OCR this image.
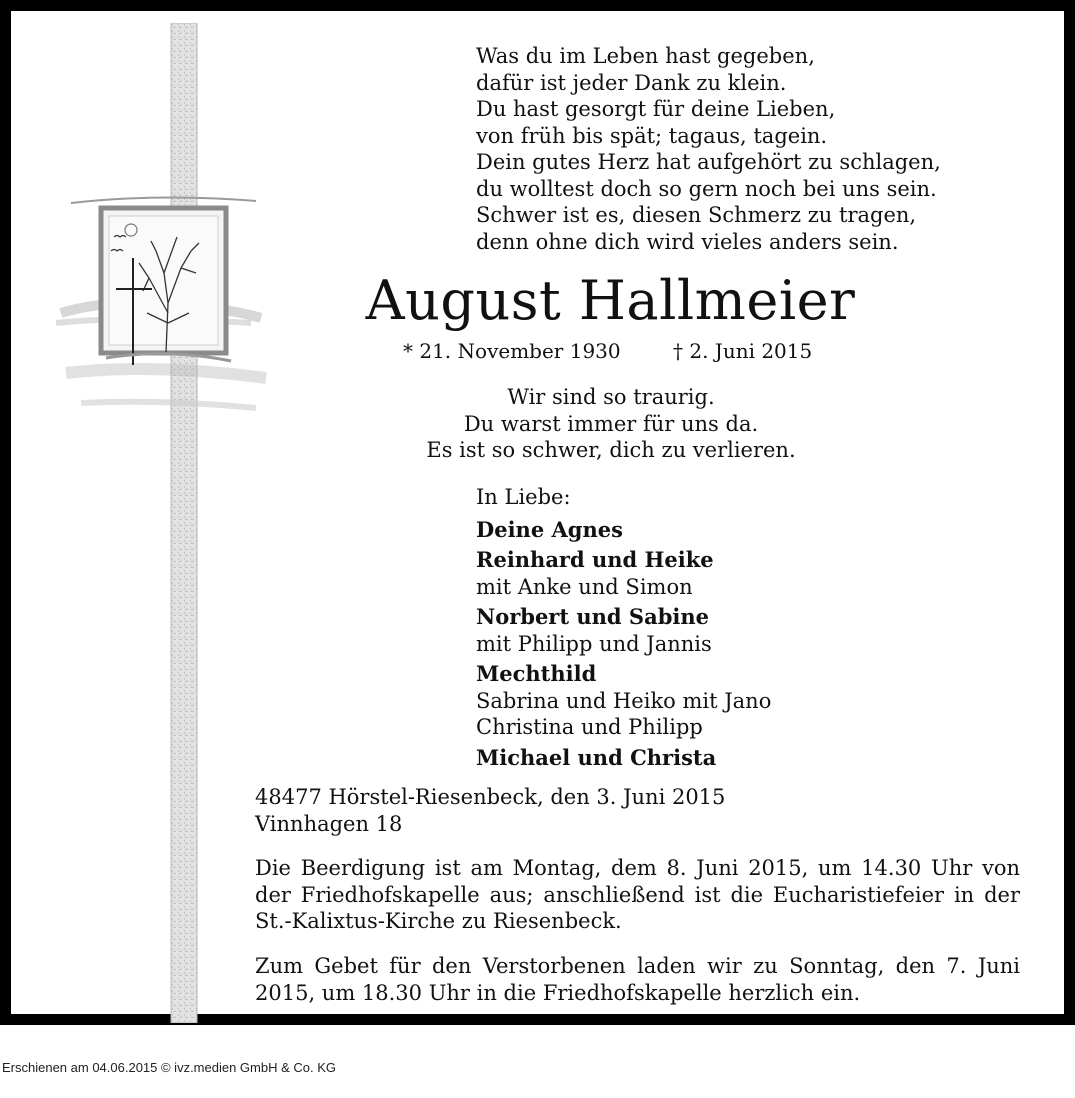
Was du im Leben hast gegeben,
dafür ist jeder Dank zu klein.
Du hast gesorgt für deine Lieben,
von früh bis spät; tagaus, tagein.
Dein gutes Herz hat aufgehört zu schlagen,
du wolltest doch so gern noch bei uns sein.
Schwer ist es, diesen Schmerz zu tragen,
denn ohne dich wird vieles anders sein.
August Hallmeier
* 21. November 1930	† 2. Juni 2015
Wir sind so traurig.
Du warst immer für uns da.
Es ist so schwer, dich zu verlieren.
In Liebe:
Deine Agnes
Reinhard und Heike
mit Anke und Simon
Norbert und Sabine
mit Philipp und Jannis
Mechthild
Sabrina und Heiko mit Jano
Christina und Philipp
Michael und Christa
48477 Hörstel-Riesenbeck, den 3. Juni 2015
Vinnhagen 18
Die Beerdigung ist am Montag, dem 8. Juni 2015, um 14.30 Uhr von der Friedhofskapelle aus; anschließend ist die Eucharistiefeier in der St.-Kalixtus-Kirche zu Riesenbeck.
Zum Gebet für den Verstorbenen laden wir zu Sonntag, den 7. Juni 2015, um 18.30 Uhr in die Friedhofskapelle herzlich ein.
Erschienen am 04.06.2015 © ivz.medien GmbH & Co. KG
